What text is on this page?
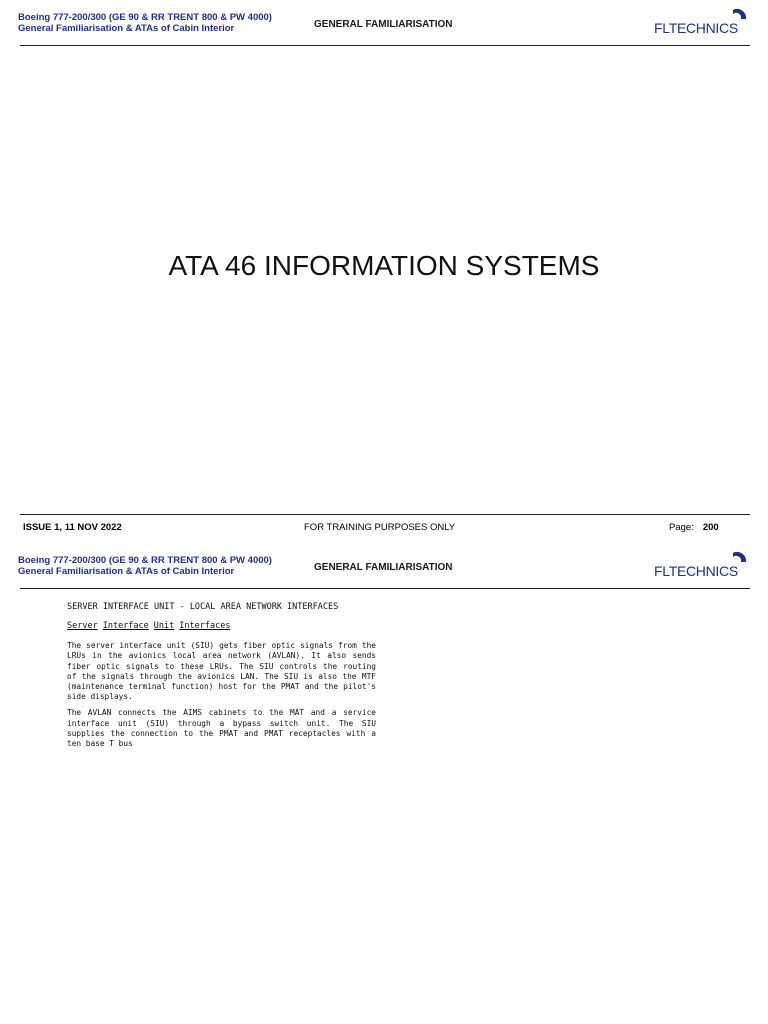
Boeing 777-200/300 (GE 90 & RR TRENT 800 & PW 4000)
General Familiarisation & ATAs of Cabin Interior	GENERAL FAMILIARISATION	FLTECHNICS
ATA 46 INFORMATION SYSTEMS
ISSUE 1, 11 NOV 2022	FOR TRAINING PURPOSES ONLY	Page: 200
Boeing 777-200/300 (GE 90 & RR TRENT 800 & PW 4000)
General Familiarisation & ATAs of Cabin Interior	GENERAL FAMILIARISATION	FLTECHNICS
SERVER INTERFACE UNIT - LOCAL AREA NETWORK INTERFACES
Server Interface Unit Interfaces

The server interface unit (SIU) gets fiber optic signals from the LRUs in the avionics local area network (AVLAN). It also sends fiber optic signals to these LRUs. The SIU controls the routing of the signals through the avionics LAN. The SIU is also the MTF (maintenance terminal function) host for the PMAT and the pilot's side displays.

The AVLAN connects the AIMS cabinets to the MAT and a service interface unit (SIU) through a bypass switch unit. The SIU supplies the connection to the PMAT and PMAT receptacles with a ten base T bus
